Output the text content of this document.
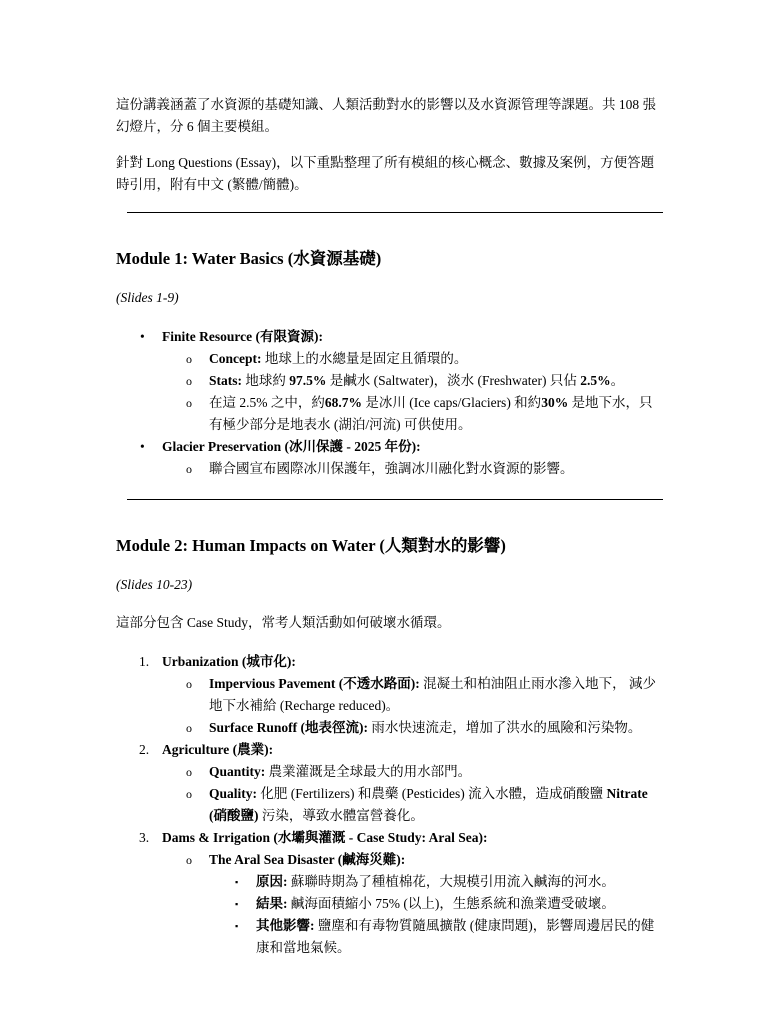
這份講義涵蓋了水資源的基礎知識、人類活動對水的影響以及水資源管理等課題。共 108 張幻燈片，分 6 個主要模組。

針對 Long Questions (Essay)，以下重點整理了所有模組的核心概念、數據及案例，方便答題時引用，附有中文 (繁體/簡體)。

Module 1: Water Basics (水資源基礎)

(Slides 1-9)

• Finite Resource (有限資源):
o Concept: 地球上的水總量是固定且循環的。
o Stats: 地球約 97.5% 是鹹水 (Saltwater)，淡水 (Freshwater) 只佔 2.5%。
o 在這 2.5% 之中，約68.7% 是冰川 (Ice caps/Glaciers) 和約30% 是地下水，只有極少部分是地表水 (湖泊/河流) 可供使用。
• Glacier Preservation (冰川保護 - 2025 年份):
o 聯合國宣布國際冰川保護年，強調冰川融化對水資源的影響。
Module 2: Human Impacts on Water (人類對水的影響)

(Slides 10-23)

這部分包含 Case Study，常考人類活動如何破壞水循環。

1. Urbanization (城市化):
o Impervious Pavement (不透水路面): 混凝土和柏油阻止雨水滲入地下， 減少地下水補給 (Recharge reduced)。
o Surface Runoff (地表徑流): 雨水快速流走，增加了洪水的風險和污染物。
2. Agriculture (農業):
o Quantity: 農業灌溉是全球最大的用水部門。
o Quality: 化肥 (Fertilizers) 和農藥 (Pesticides) 流入水體，造成硝酸鹽 Nitrate (硝酸鹽) 污染，導致水體富營養化。
3. Dams & Irrigation (水壩與灌溉 - Case Study: Aral Sea):
o The Aral Sea Disaster (鹹海災難):
▪ 原因: 蘇聯時期為了種植棉花，大規模引用流入鹹海的河水。
▪ 結果: 鹹海面積縮小 75% (以上)，生態系統和漁業遭受破壞。
▪ 其他影響: 鹽塵和有毒物質隨風擴散 (健康問題)，影響周邊居民的健康和當地氣候。
